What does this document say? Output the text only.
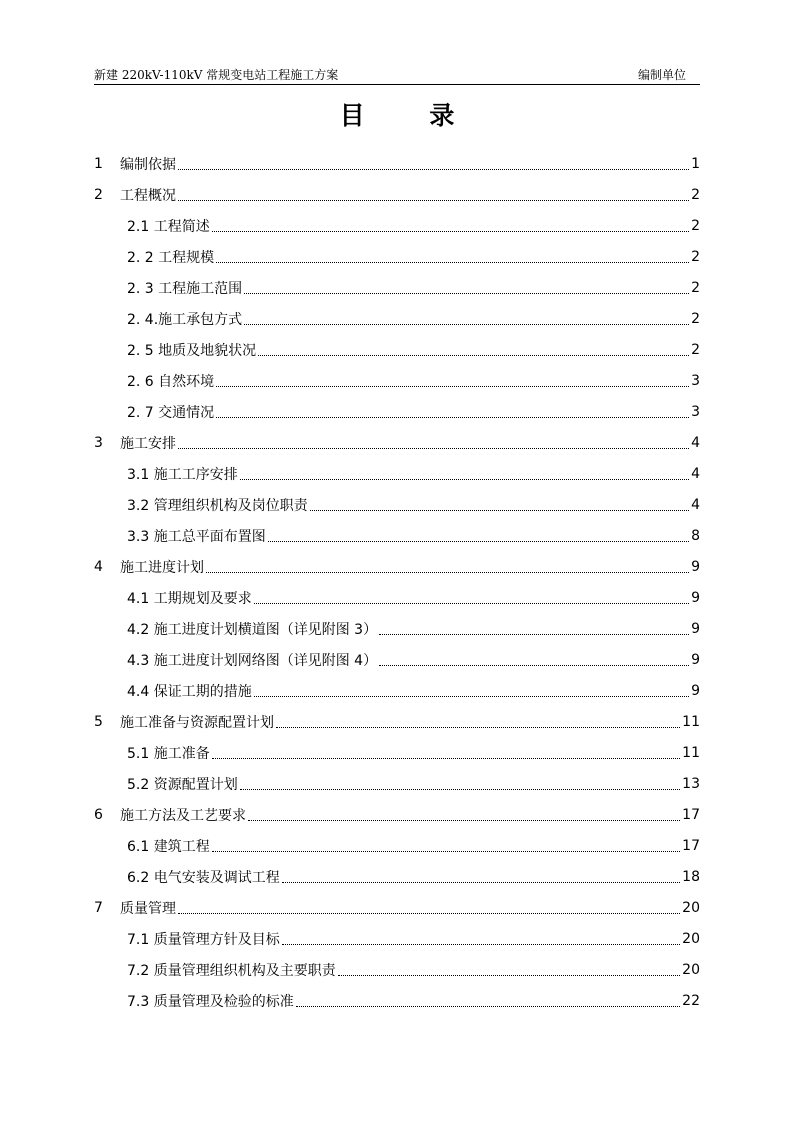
新建 220kV-110kV 常规变电站工程施工方案	编制单位
目 录
1	编制依据	1
2	工程概况	2
2.1 工程简述	2
2. 2 工程规模	2
2. 3 工程施工范围	2
2. 4.施工承包方式	2
2. 5 地质及地貌状况	2
2. 6 自然环境	3
2. 7 交通情况	3
3	施工安排	4
3.1 施工工序安排	4
3.2 管理组织机构及岗位职责	4
3.3 施工总平面布置图	8
4	施工进度计划	9
4.1 工期规划及要求	9
4.2 施工进度计划横道图（详见附图 3）	9
4.3 施工进度计划网络图（详见附图 4）	9
4.4 保证工期的措施	9
5	施工准备与资源配置计划	11
5.1 施工准备	11
5.2 资源配置计划	13
6	施工方法及工艺要求	17
6.1 建筑工程	17
6.2 电气安装及调试工程	18
7	质量管理	20
7.1 质量管理方针及目标	20
7.2 质量管理组织机构及主要职责	20
7.3 质量管理及检验的标准	22
